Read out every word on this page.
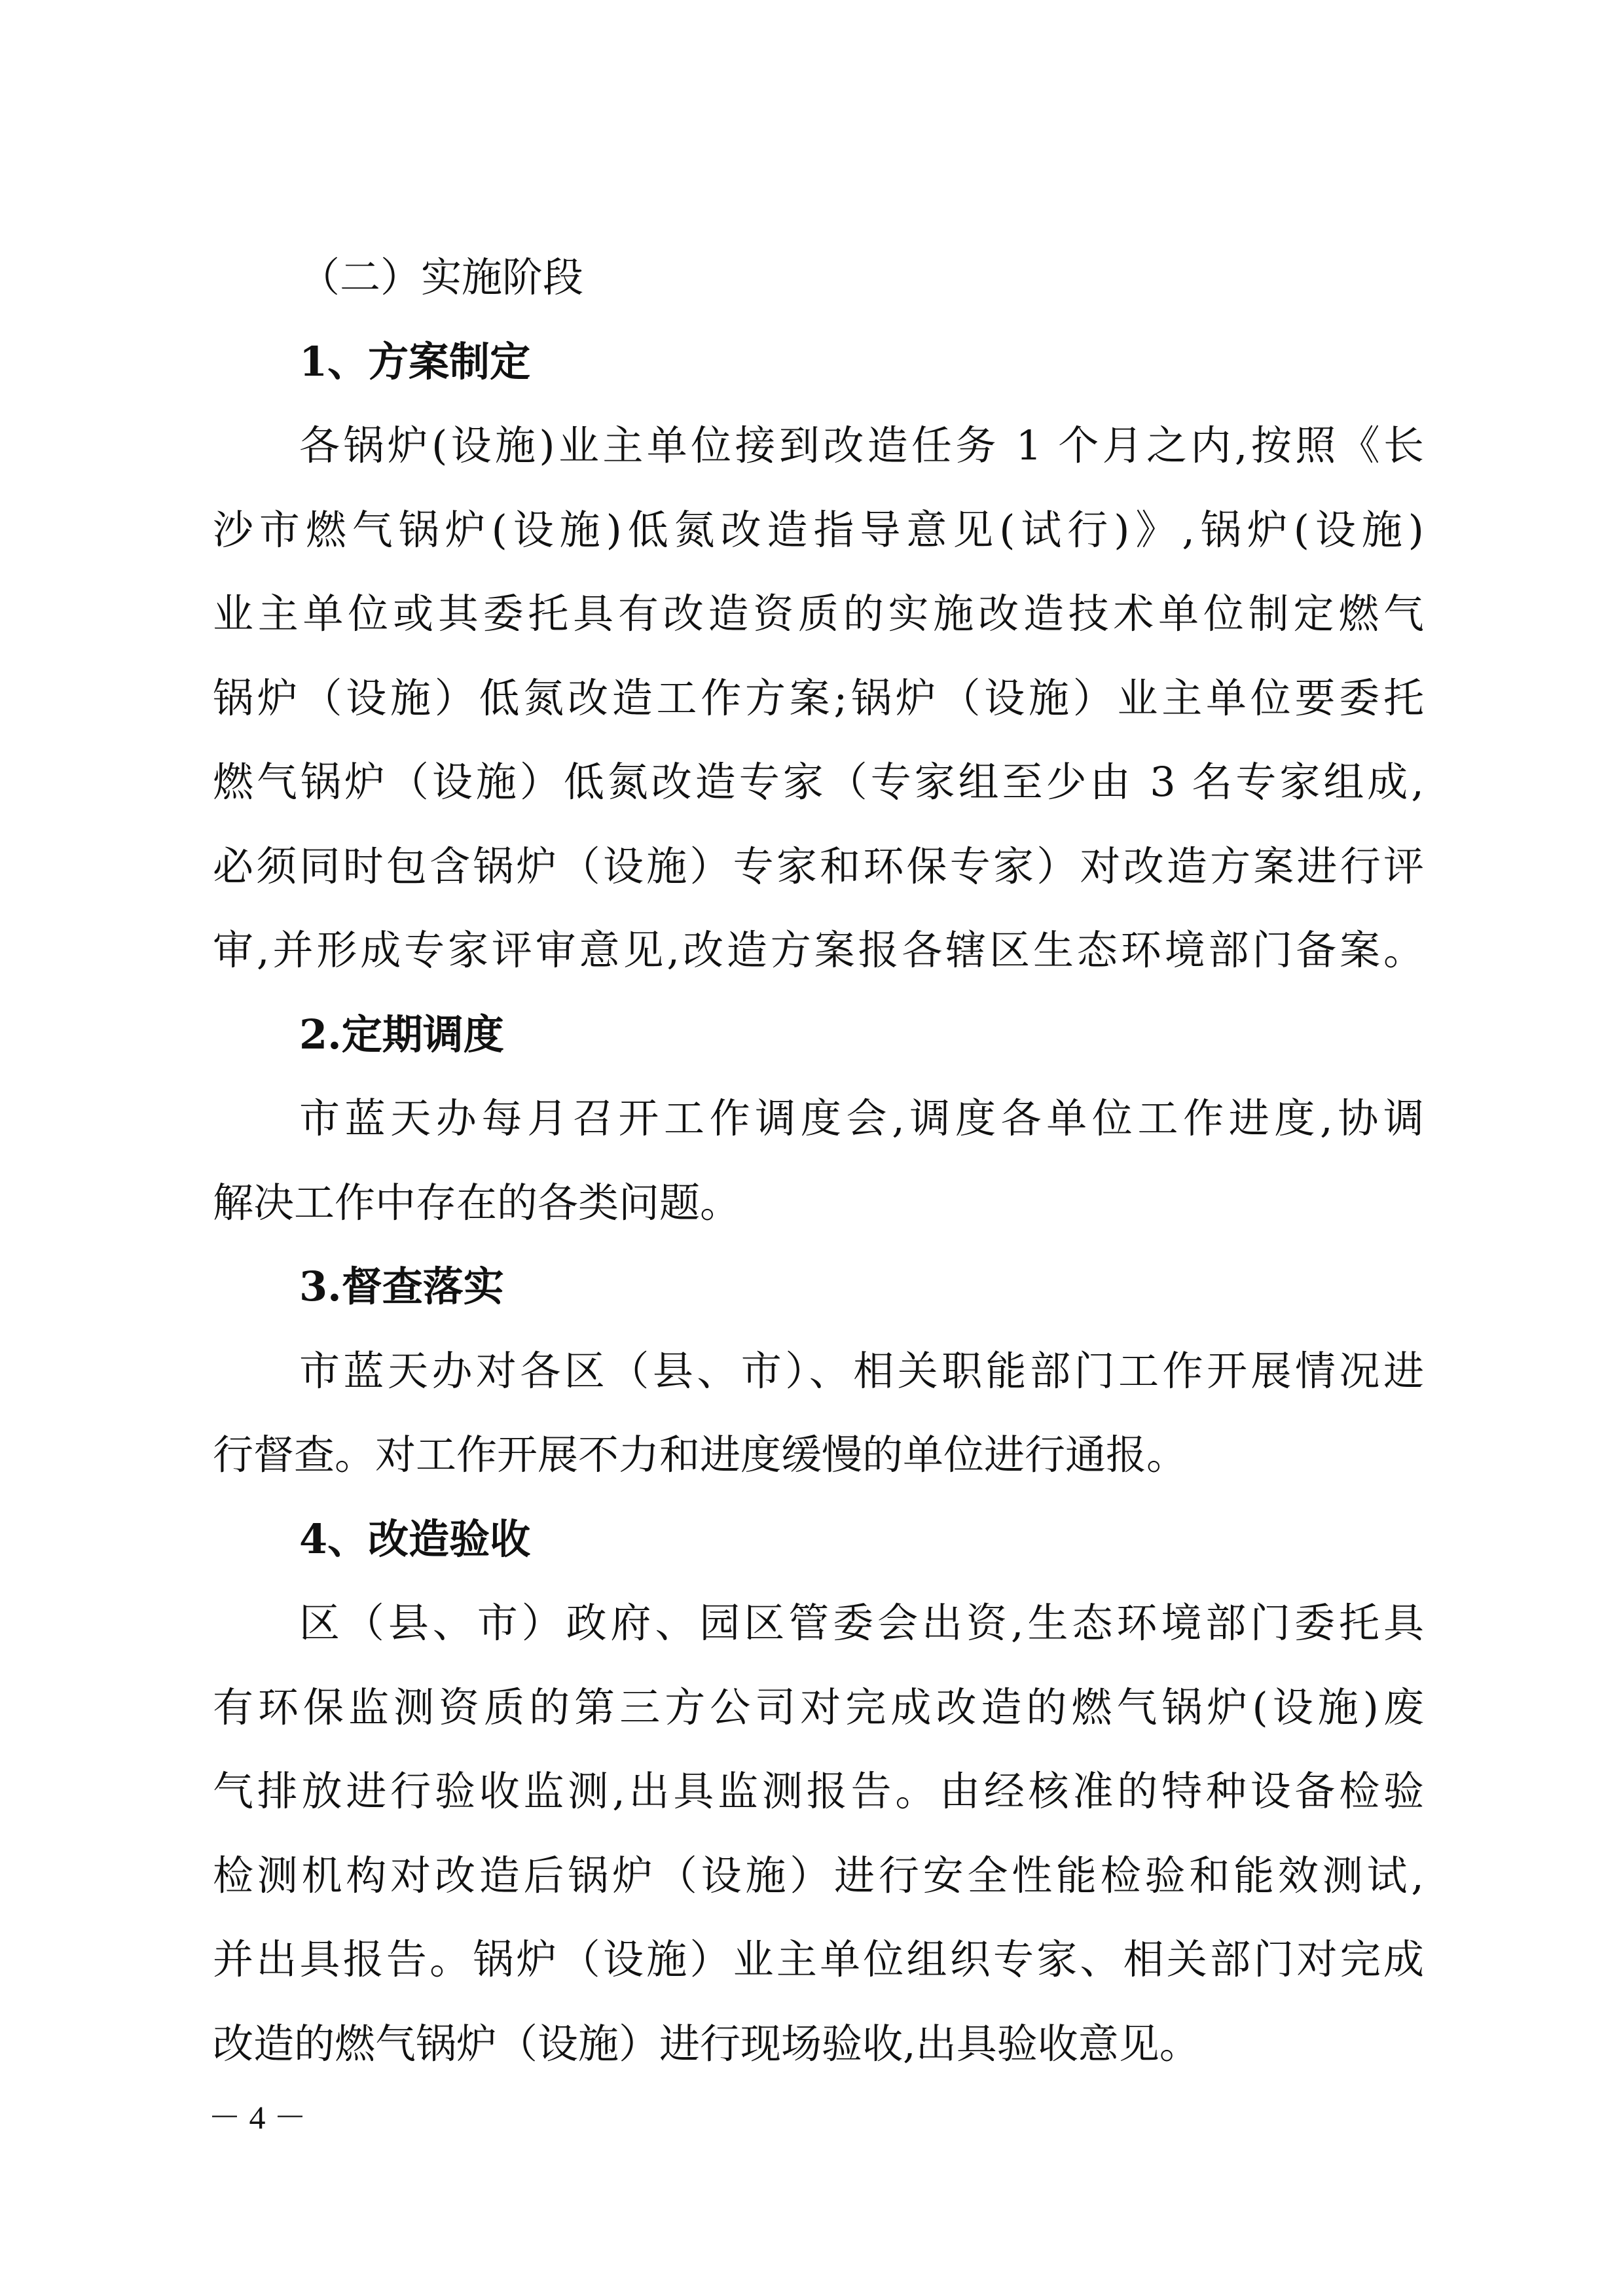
（二）实施阶段
1、方案制定
各锅炉(设施)业主单位接到改造任务 1 个月之内,按照《长
沙市燃气锅炉(设施)低氮改造指导意见(试行)》,锅炉(设施)
业主单位或其委托具有改造资质的实施改造技术单位制定燃气
锅炉（设施）低氮改造工作方案;锅炉（设施）业主单位要委托
燃气锅炉（设施）低氮改造专家（专家组至少由 3 名专家组成,
必须同时包含锅炉（设施）专家和环保专家）对改造方案进行评
审,并形成专家评审意见,改造方案报各辖区生态环境部门备案。
2.定期调度
市蓝天办每月召开工作调度会,调度各单位工作进度,协调
解决工作中存在的各类问题。
3.督查落实
市蓝天办对各区（县、市）、相关职能部门工作开展情况进
行督查。对工作开展不力和进度缓慢的单位进行通报。
4、改造验收
区（县、市）政府、园区管委会出资,生态环境部门委托具
有环保监测资质的第三方公司对完成改造的燃气锅炉(设施)废
气排放进行验收监测,出具监测报告。由经核准的特种设备检验
检测机构对改造后锅炉（设施）进行安全性能检验和能效测试,
并出具报告。锅炉（设施）业主单位组织专家、相关部门对完成
改造的燃气锅炉（设施）进行现场验收,出具验收意见。
－ 4 －
